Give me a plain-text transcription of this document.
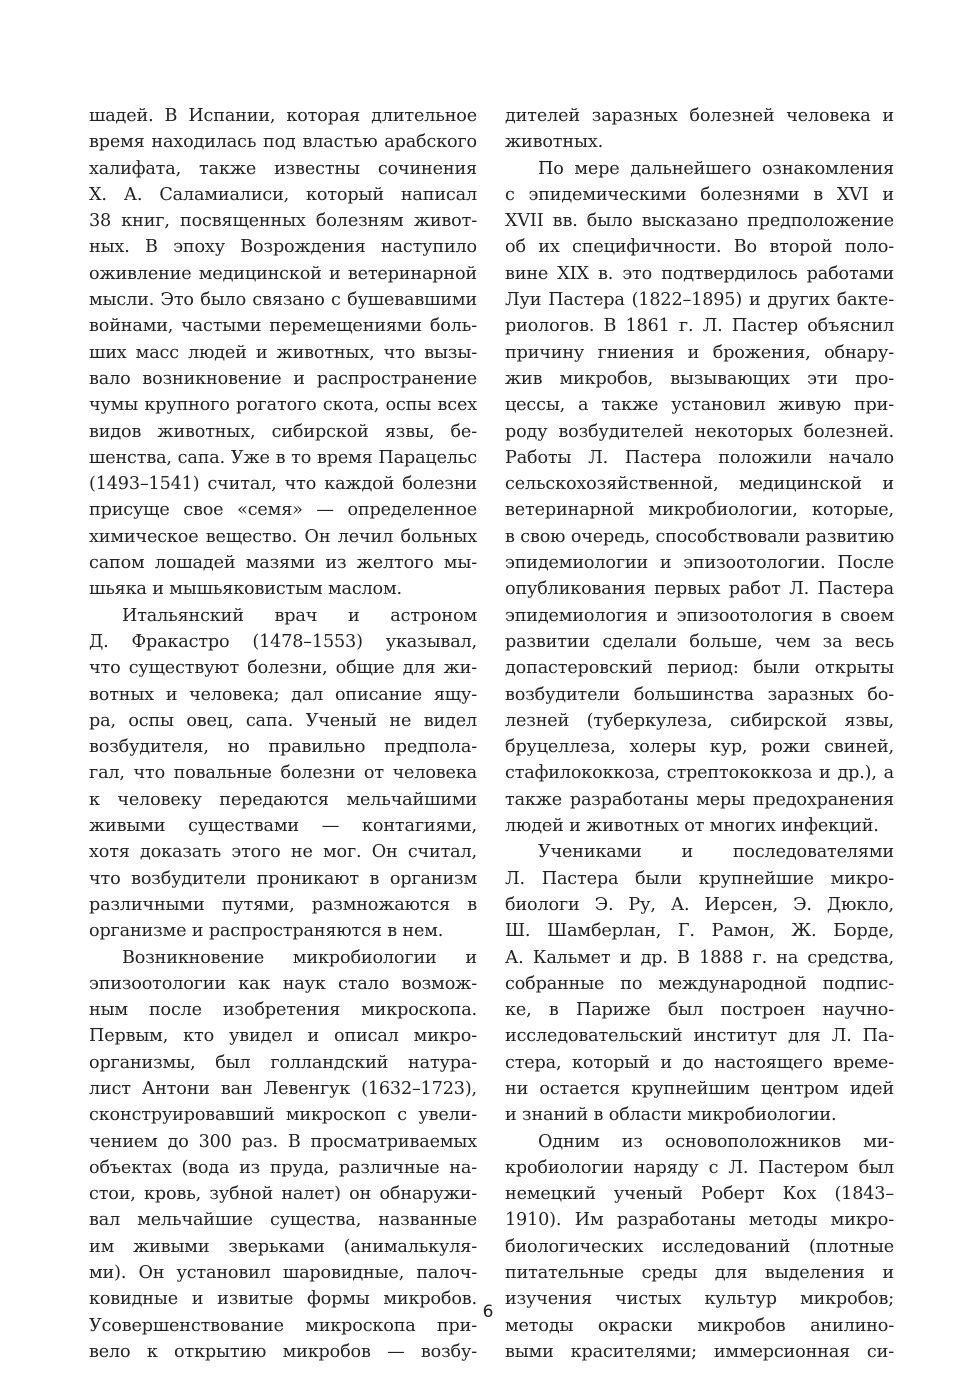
шадей. В Испании, которая длительное
время находилась под властью арабского
халифата, также известны сочинения
Х. А. Саламиалиси, который написал
38 книг, посвященных болезням живот-
ных. В эпоху Возрождения наступило
оживление медицинской и ветеринарной
мысли. Это было связано с бушевавшими
войнами, частыми перемещениями боль-
ших масс людей и животных, что вызы-
вало возникновение и распространение
чумы крупного рогатого скота, оспы всех
видов животных, сибирской язвы, бе-
шенства, сапа. Уже в то время Парацельс
(1493–1541) считал, что каждой болезни
присуще свое «семя» — определенное
химическое вещество. Он лечил больных
сапом лошадей мазями из желтого мы-
шьяка и мышьяковистым маслом.
Итальянский врач и астроном
Д. Фракастро (1478–1553) указывал,
что существуют болезни, общие для жи-
вотных и человека; дал описание ящу-
ра, оспы овец, сапа. Ученый не видел
возбудителя, но правильно предпола-
гал, что повальные болезни от человека
к человеку передаются мельчайшими
живыми существами — контагиями,
хотя доказать этого не мог. Он считал,
что возбудители проникают в организм
различными путями, размножаются в
организме и распространяются в нем.
Возникновение микробиологии и
эпизоотологии как наук стало возмож-
ным после изобретения микроскопа.
Первым, кто увидел и описал микро-
организмы, был голландский натура-
лист Антони ван Левенгук (1632–1723),
сконструировавший микроскоп с увели-
чением до 300 раз. В просматриваемых
объектах (вода из пруда, различные на-
стои, кровь, зубной налет) он обнаружи-
вал мельчайшие существа, названные
им живыми зверьками (анималькуля-
ми). Он установил шаровидные, палоч-
ковидные и извитые формы микробов.
Усовершенствование микроскопа при-
вело к открытию микробов — возбу-
дителей заразных болезней человека и
животных.
По мере дальнейшего ознакомления
с эпидемическими болезнями в XVI и
XVII вв. было высказано предположение
об их специфичности. Во второй поло-
вине XIX в. это подтвердилось работами
Луи Пастера (1822–1895) и других бакте-
риологов. В 1861 г. Л. Пастер объяснил
причину гниения и брожения, обнару-
жив микробов, вызывающих эти про-
цессы, а также установил живую при-
роду возбудителей некоторых болезней.
Работы Л. Пастера положили начало
сельскохозяйственной, медицинской и
ветеринарной микробиологии, которые,
в свою очередь, способствовали развитию
эпидемиологии и эпизоотологии. После
опубликования первых работ Л. Пастера
эпидемиология и эпизоотология в своем
развитии сделали больше, чем за весь
допастеровский период: были открыты
возбудители большинства заразных бо-
лезней (туберкулеза, сибирской язвы,
бруцеллеза, холеры кур, рожи свиней,
стафилококкоза, стрептококкоза и др.), а
также разработаны меры предохранения
людей и животных от многих инфекций.
Учениками и последователями
Л. Пастера были крупнейшие микро-
биологи Э. Ру, А. Иерсен, Э. Дюкло,
Ш. Шамберлан, Г. Рамон, Ж. Борде,
А. Кальмет и др. В 1888 г. на средства,
собранные по международной подпис-
ке, в Париже был построен научно-
исследовательский институт для Л. Па-
стера, который и до настоящего време-
ни остается крупнейшим центром идей
и знаний в области микробиологии.
Одним из основоположников ми-
кробиологии наряду с Л. Пастером был
немецкий ученый Роберт Кох (1843–
1910). Им разработаны методы микро-
биологических исследований (плотные
питательные среды для выделения и
изучения чистых культур микробов;
методы окраски микробов анилино-
выми красителями; иммерсионная си-
6
